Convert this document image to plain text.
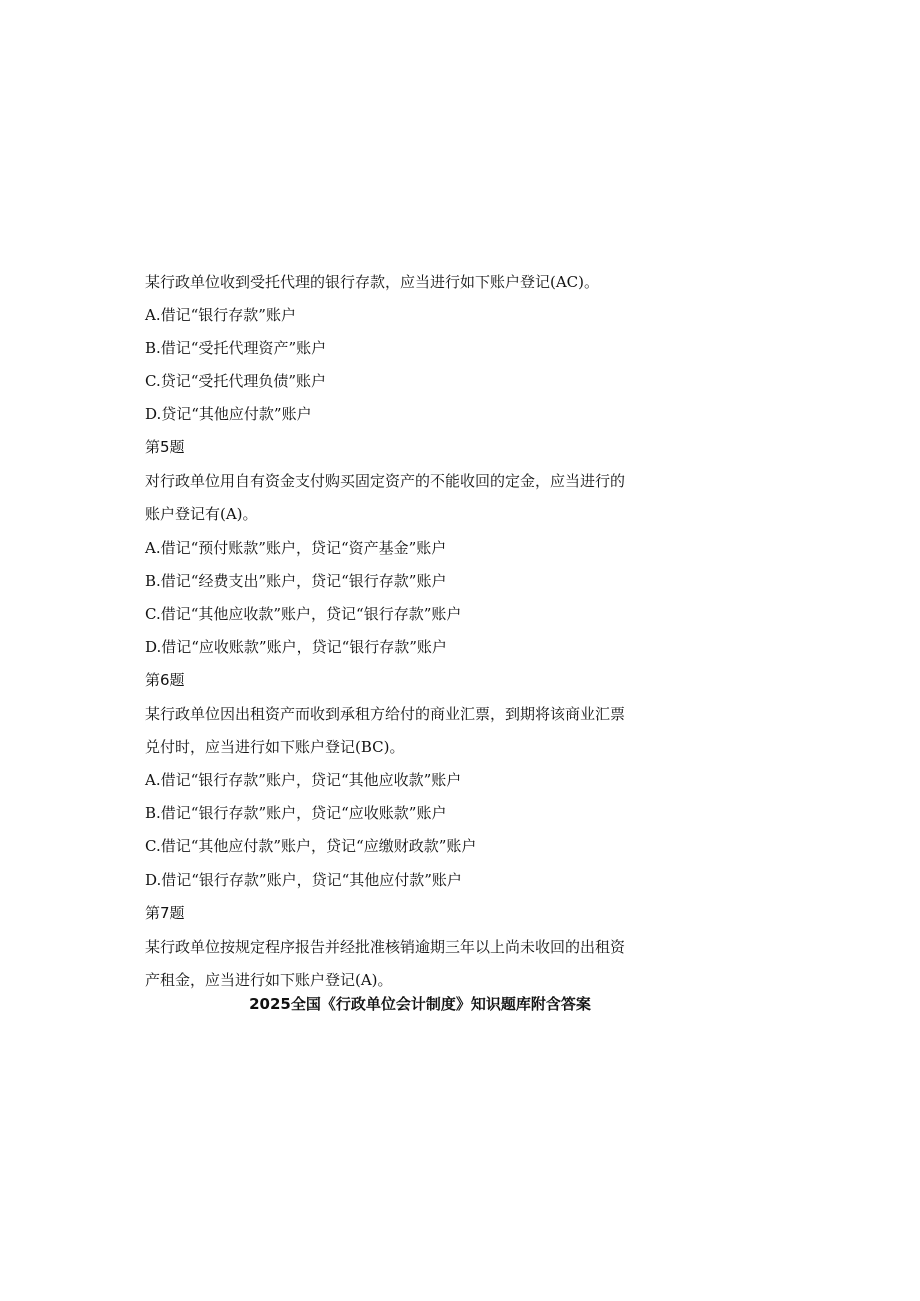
某行政单位收到受托代理的银行存款，应当进行如下账户登记(AC)。

A.借记“银行存款”账户

B.借记“受托代理资产”账户

C.贷记“受托代理负债”账户

D.贷记“其他应付款”账户

第5题

对行政单位用自有资金支付购买固定资产的不能收回的定金，应当进行的

账户登记有(A)。

A.借记“预付账款”账户，贷记“资产基金”账户

B.借记“经费支出”账户，贷记“银行存款”账户

C.借记“其他应收款”账户，贷记“银行存款”账户

D.借记“应收账款”账户，贷记“银行存款”账户

第6题

某行政单位因出租资产而收到承租方给付的商业汇票，到期将该商业汇票

兑付时，应当进行如下账户登记(BC)。

A.借记“银行存款”账户，贷记“其他应收款”账户

B.借记“银行存款”账户，贷记“应收账款”账户

C.借记“其他应付款”账户，贷记“应缴财政款”账户

D.借记“银行存款”账户，贷记“其他应付款”账户

第7题

某行政单位按规定程序报告并经批准核销逾期三年以上尚未收回的出租资

产租金，应当进行如下账户登记(A)。

2025全国《行政单位会计制度》知识题库附含答案
